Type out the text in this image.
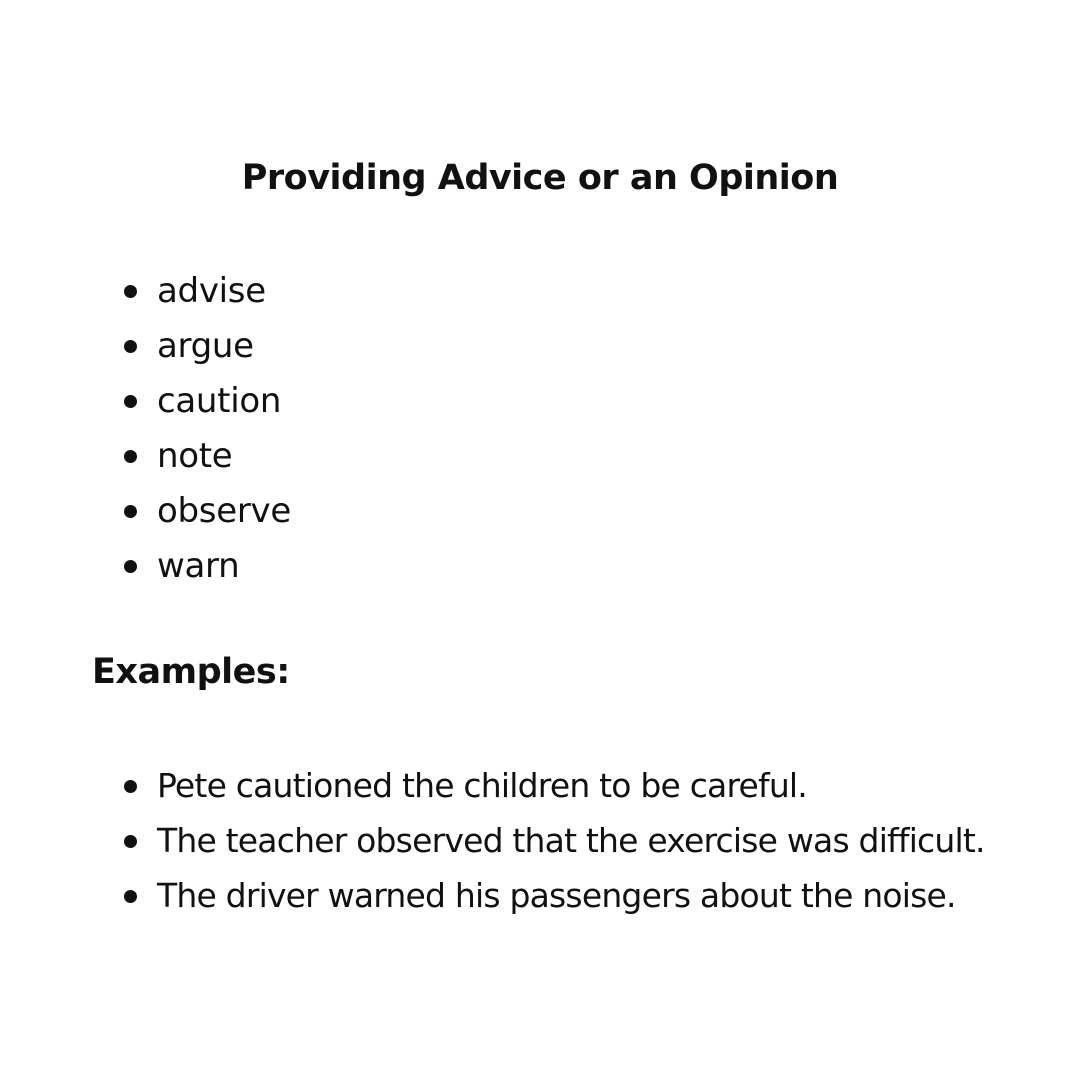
Providing Advice or an Opinion
advise
argue
caution
note
observe
warn
Examples:
Pete cautioned the children to be careful.
The teacher observed that the exercise was difficult.
The driver warned his passengers about the noise.
